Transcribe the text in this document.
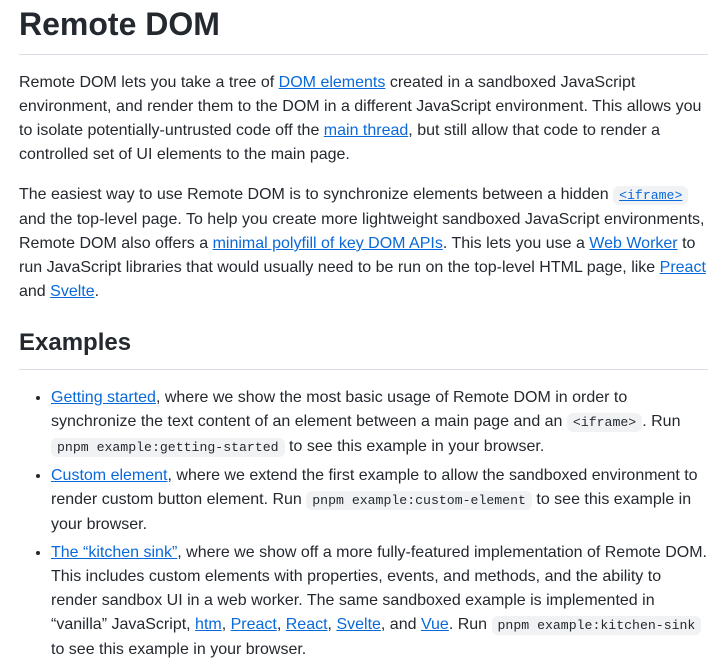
Remote DOM

Remote DOM lets you take a tree of DOM elements created in a sandboxed JavaScript environment, and render them to the DOM in a different JavaScript environment. This allows you to isolate potentially-untrusted code off the main thread, but still allow that code to render a controlled set of UI elements to the main page.

The easiest way to use Remote DOM is to synchronize elements between a hidden <iframe> and the top-level page. To help you create more lightweight sandboxed JavaScript environments, Remote DOM also offers a minimal polyfill of key DOM APIs. This lets you use a Web Worker to run JavaScript libraries that would usually need to be run on the top-level HTML page, like Preact and Svelte.

Examples
• Getting started, where we show the most basic usage of Remote DOM in order to synchronize the text content of an element between a main page and an <iframe> . Run pnpm example:getting-started to see this example in your browser.
• Custom element, where we extend the first example to allow the sandboxed environment to render custom button element. Run pnpm example:custom-element to see this example in your browser.
• The “kitchen sink”, where we show off a more fully-featured implementation of Remote DOM. This includes custom elements with properties, events, and methods, and the ability to render sandbox UI in a web worker. The same sandboxed example is implemented in “vanilla” JavaScript, htm, Preact, React, Svelte, and Vue. Run pnpm example:kitchen-sink to see this example in your browser.
